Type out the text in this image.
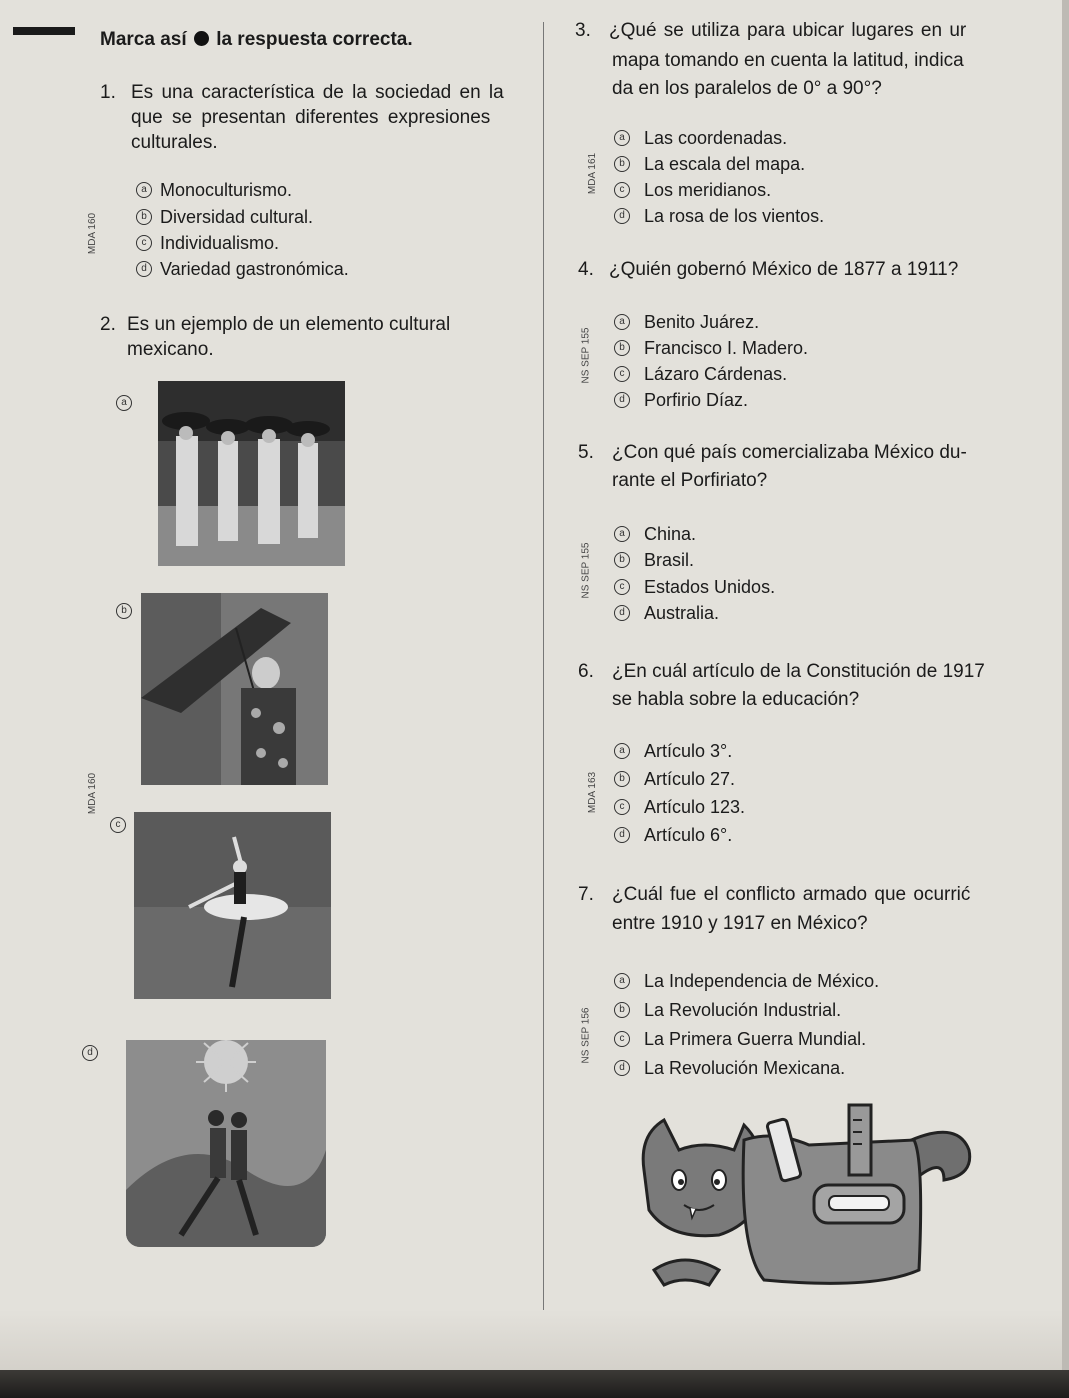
Marca así la respuesta correcta.
1. Es una característica de la sociedad en la
que se presentan diferentes expresiones
culturales.
MDA 160
a Monoculturismo.
b Diversidad cultural.
c Individualismo.
d Variedad gastronómica.
2. Es un ejemplo de un elemento cultural
mexicano.
MDA 160
a
b
c
d
3. ¿Qué se utiliza para ubicar lugares en ur
mapa tomando en cuenta la latitud, indica
da en los paralelos de 0° a 90°?
MDA 161
a Las coordenadas.
b La escala del mapa.
c	Los meridianos.
d La rosa de los vientos.
4. ¿Quién gobernó México de 1877 a 1911?
NS SEP 155
a Benito Juárez.
b Francisco I. Madero.
c	Lázaro Cárdenas.
d Porfirio Díaz.
5. ¿Con qué país comercializaba México du-
rante el Porfiriato?
NS SEP 155
a China.
b Brasil.
c	Estados Unidos.
d Australia.
6. ¿En cuál artículo de la Constitución de 1917
se habla sobre la educación?
MDA 163
a Artículo 3°.
b Artículo 27.
c	Artículo 123.
d Artículo 6°.
7. ¿Cuál fue el conflicto armado que ocurrić
entre 1910 y 1917 en México?
NS SEP 156
a La Independencia de México.
b La Revolución Industrial.
c	La Primera Guerra Mundial.
d La Revolución Mexicana.
